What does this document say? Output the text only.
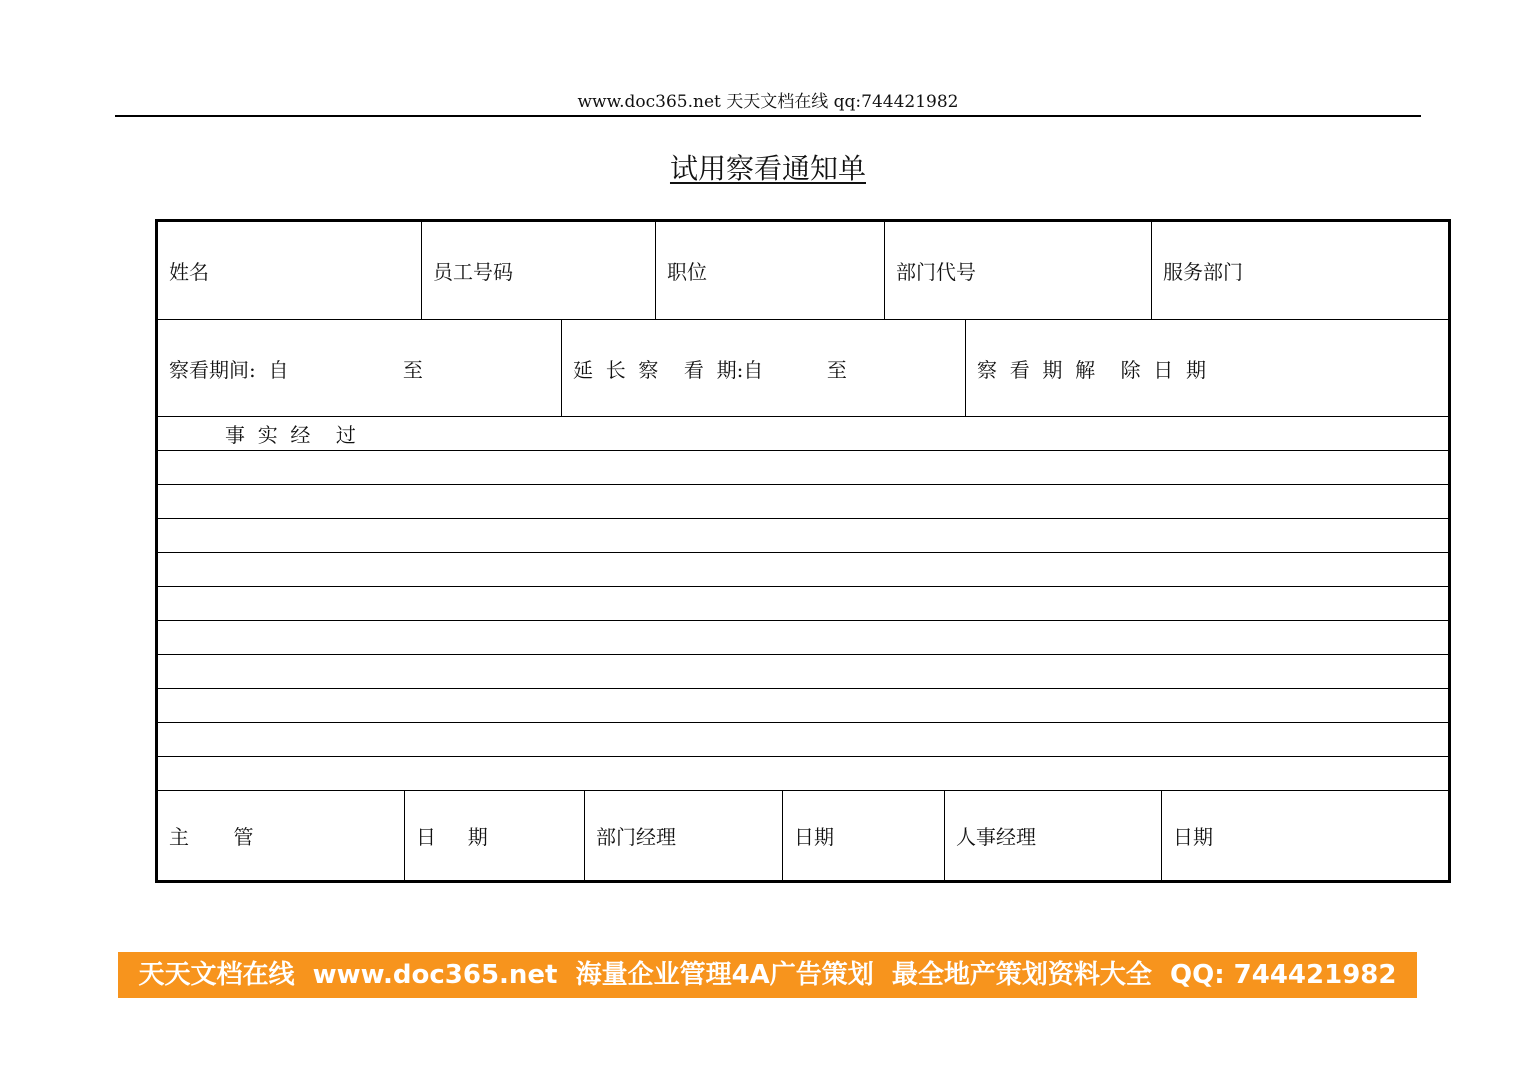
www.doc365.net 天天文档在线 qq:744421982
试用察看通知单
姓名	员工号码	职位	部门代号	服务部门
察看期间:  自                  至	延  长  察    看  期:自          至	察  看  期  解    除  日  期
事  实  经    过
主       管	日     期	部门经理	日期	人事经理	日期
天天文档在线  www.doc365.net  海量企业管理4A广告策划  最全地产策划资料大全  QQ: 744421982
